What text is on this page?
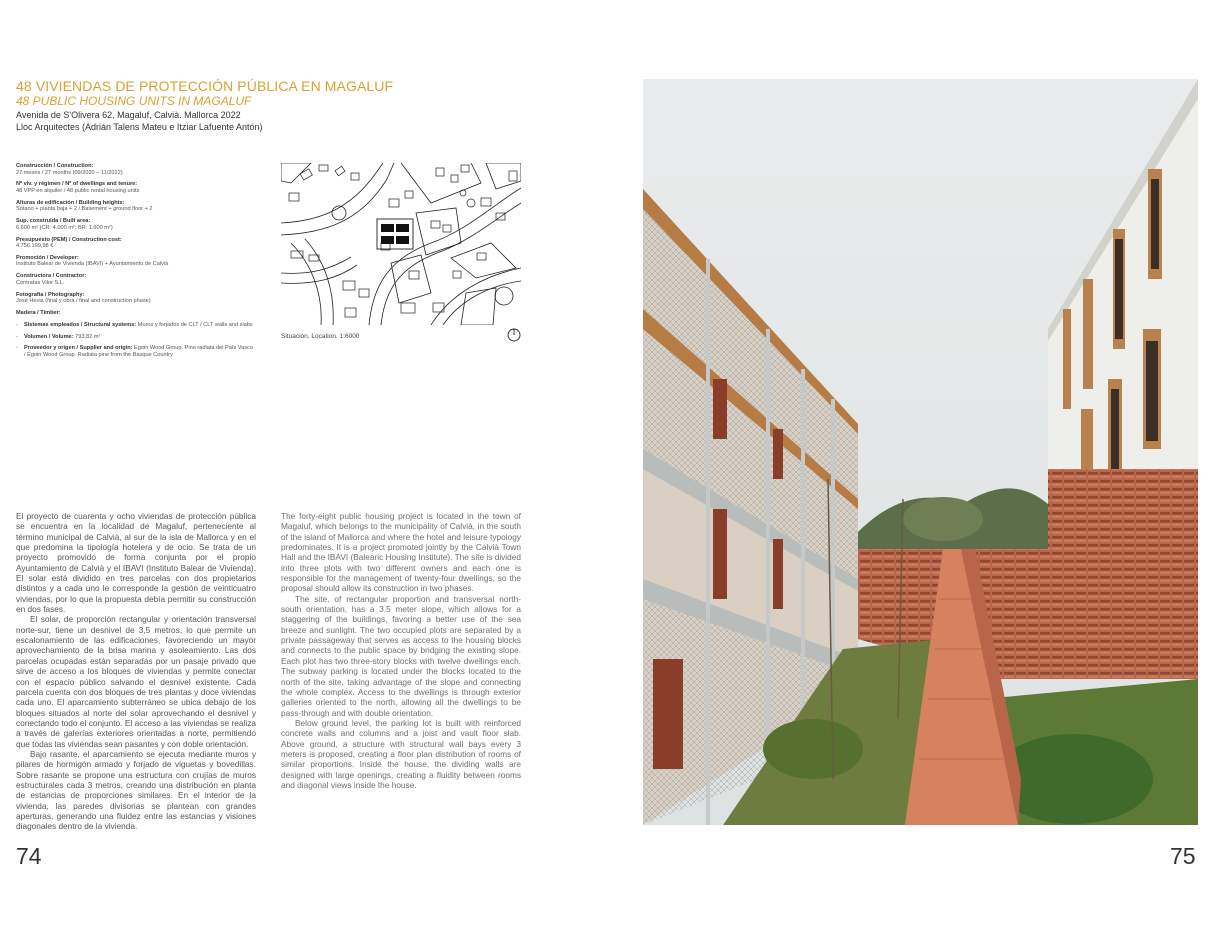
48 VIVIENDAS DE PROTECCIÓN PÚBLICA EN MAGALUF
48 PUBLIC HOUSING UNITS IN MAGALUF
Avenida de S'Olivera 62, Magaluf, Calvià. Mallorca 2022
Lloc Arquitectes (Adrián Talens Mateu e Itziar Lafuente Antón)
Construcción / Construction:
27 meses / 27 months (09/2020 – 11/2022)
Nº viv. y régimen / Nº of dwellings and tenure:
48 VPP en alquiler / 48 public rental housing units
Alturas de edificación / Building heights:
Sótano + planta baja + 2 / Basement + ground floor + 2
Sup. construida / Built area:
6.600 m² (CR: 4.000 m²; BR: 1.600 m²)
Presupuesto (PEM) / Construction cost:
4.756.199,98 €
Promoción / Developer:
Instituto Balear de Vivienda (IBAVI) + Ayuntamiento de Calvià
Constructora / Contractor:
Contratas Vilor S.L.
Fotografía / Photography:
José Hevia (final y obra / final and construction phase)
Madera / Timber:
- Sistemas empleados / Structural systems: Muros y forjados de CLT / CLT walls and slabs
- Volumen / Volume: 793,82 m³
- Proveedor y origen / Supplier and origin: Egoin Wood Group. Pino radiata del País Vasco / Egoin Wood Group. Radiata pine from the Basque Country
Situación. Location. 1:6000

El proyecto de cuarenta y ocho viviendas de protección pública se encuentra en la localidad de Magaluf, perteneciente al término municipal de Calvià, al sur de la isla de Mallorca y en el que predomina la tipología hotelera y de ocio. Se trata de un proyecto promovido de forma conjunta por el propio Ayuntamiento de Calvià y el IBAVI (Instituto Balear de Vivienda). El solar está dividido en tres parcelas con dos propietarios distintos y a cada uno le corresponde la gestión de veinticuatro viviendas, por lo que la propuesta debía permitir su construcción en dos fases.

El solar, de proporción rectangular y orientación transversal norte-sur, tiene un desnivel de 3,5 metros, lo que permite un escalonamiento de las edificaciones, favoreciendo un mayor aprovechamiento de la brisa marina y asoleamiento. Las dos parcelas ocupadas están separadas por un pasaje privado que sirve de acceso a los bloques de viviendas y permite conectar con el espacio público salvando el desnivel existente. Cada parcela cuenta con dos bloques de tres plantas y doce viviendas cada uno. El aparcamiento subterráneo se ubica debajo de los bloques situados al norte del solar aprovechando el desnivel y conectando todo el conjunto. El acceso a las viviendas se realiza a través de galerías exteriores orientadas a norte, permitiendo que todas las viviendas sean pasantes y con doble orientación.

Bajo rasante, el aparcamiento se ejecuta mediante muros y pilares de hormigón armado y forjado de viguetas y bovedillas. Sobre rasante se propone una estructura con crujías de muros estructurales cada 3 metros, creando una distribución en planta de estancias de proporciones similares. En el interior de la vivienda, las paredes divisorias se plantean con grandes aperturas, generando una fluidez entre las estancias y visiones diagonales dentro de la vivienda.

The forty-eight public housing project is located in the town of Magaluf, which belongs to the municipality of Calvià, in the south of the island of Mallorca and where the hotel and leisure typology predominates. It is a project promoted jointly by the Calvià Town Hall and the IBAVI (Balearic Housing Institute). The site is divided into three plots with two different owners and each one is responsible for the management of twenty-four dwellings, so the proposal should allow its construction in two phases.

The site, of rectangular proportion and transversal north-south orientation, has a 3.5 meter slope, which allows for a staggering of the buildings, favoring a better use of the sea breeze and sunlight. The two occupied plots are separated by a private passageway that serves as access to the housing blocks and connects to the public space by bridging the existing slope. Each plot has two three-story blocks with twelve dwellings each. The subway parking is located under the blocks located to the north of the site, taking advantage of the slope and connecting the whole complex. Access to the dwellings is through exterior galleries oriented to the north, allowing all the dwellings to be pass-through and with double orientation.

Below ground level, the parking lot is built with reinforced concrete walls and columns and a joist and vault floor slab. Above ground, a structure with structural wall bays every 3 meters is proposed, creating a floor plan distribution of rooms of similar proportions. Inside the house, the dividing walls are designed with large openings, creating a fluidity between rooms and diagonal views inside the house.

74	75
